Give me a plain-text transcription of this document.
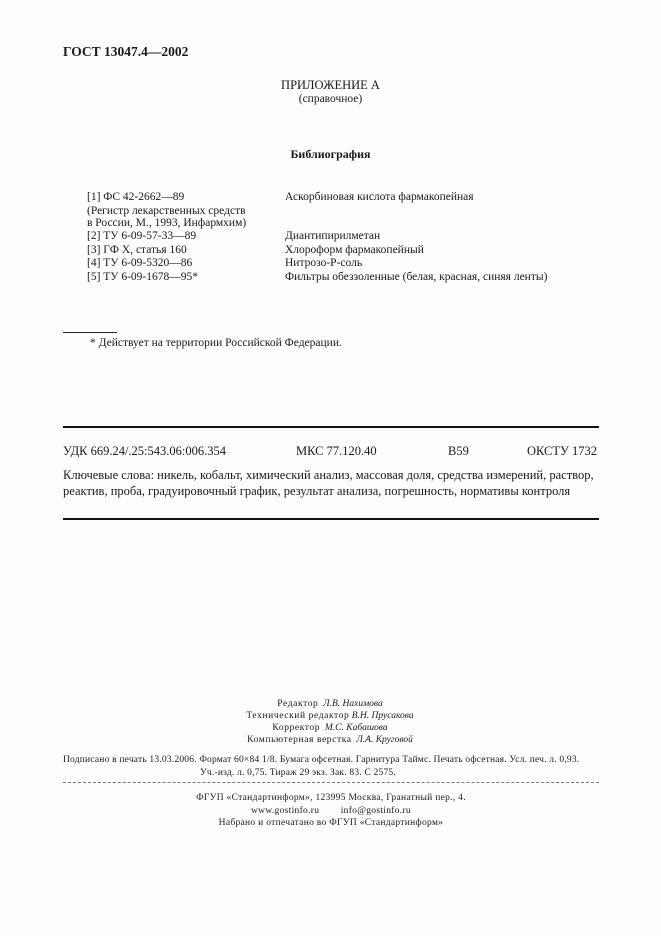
ГОСТ 13047.4—2002
ПРИЛОЖЕНИЕ А
(справочное)
Библиография
[1] ФС 42-2662—89	Аскорбиновая кислота фармакопейная
(Регистр лекарственных средств
в России, М., 1993, Инфармхим)
[2] ТУ 6-09-57-33—89	Диантипирилметан
[3] ГФ X, статья 160	Хлороформ фармакопейный
[4] ТУ 6-09-5320—86	Нитрозо-Р-соль
[5] ТУ 6-09-1678—95*	Фильтры обеззоленные (белая, красная, синяя ленты)
* Действует на территории Российской Федерации.
УДК 669.24/.25:543.06:006.354	МКС 77.120.40	В59	ОКСТУ 1732
Ключевые слова: никель, кобальт, химический анализ, массовая доля, средства измерений, раствор, реактив, проба, градуировочный график, результат анализа, погрешность, нормативы контроля
Редактор Л.В. Нахимова
Технический редактор В.Н. Прусакова
Корректор М.С. Кабашова
Компьютерная верстка Л.А. Круговой
Подписано в печать 13.03.2006. Формат 60×84 1/8. Бумага офсетная. Гарнитура Таймс. Печать офсетная. Усл. печ. л. 0,93.
Уч.-изд. л. 0,75. Тираж 29 экз. Зак. 83. С 2575.
ФГУП «Стандартинформ», 123995 Москва, Гранатный пер., 4.
www.gostinfo.ru info@gostinfo.ru
Набрано и отпечатано во ФГУП «Стандартинформ»
